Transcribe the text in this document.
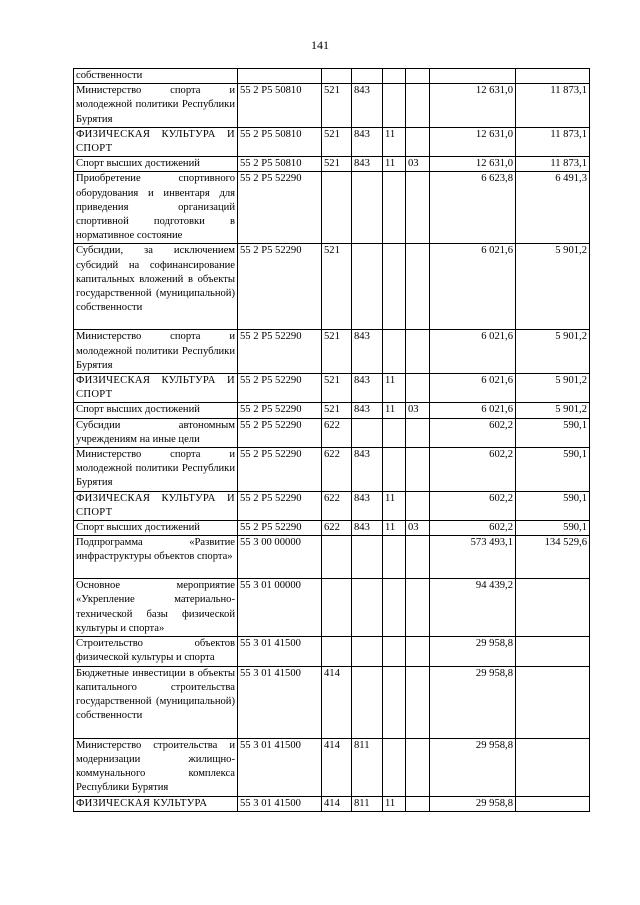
141
собственности							
Министерство спорта и молодежной политики Республики Бурятия	55 2 P5 50810	521	843			12 631,0	11 873,1
ФИЗИЧЕСКАЯ КУЛЬТУРА И СПОРТ	55 2 P5 50810	521	843	11		12 631,0	11 873,1
Спорт высших достижений	55 2 P5 50810	521	843	11	03	12 631,0	11 873,1
Приобретение спортивного оборудования и инвентаря для приведения организаций спортивной подготовки в нормативное состояние	55 2 P5 52290					6 623,8	6 491,3
Субсидии, за исключением субсидий на софинансирование капитальных вложений в объекты государственной (муниципальной) собственности	55 2 P5 52290	521				6 021,6	5 901,2
Министерство спорта и молодежной политики Республики Бурятия	55 2 P5 52290	521	843			6 021,6	5 901,2
ФИЗИЧЕСКАЯ КУЛЬТУРА И СПОРТ	55 2 P5 52290	521	843	11		6 021,6	5 901,2
Спорт высших достижений	55 2 P5 52290	521	843	11	03	6 021,6	5 901,2
Субсидии автономным учреждениям на иные цели	55 2 P5 52290	622				602,2	590,1
Министерство спорта и молодежной политики Республики Бурятия	55 2 P5 52290	622	843			602,2	590,1
ФИЗИЧЕСКАЯ КУЛЬТУРА И СПОРТ	55 2 P5 52290	622	843	11		602,2	590,1
Спорт высших достижений	55 2 P5 52290	622	843	11	03	602,2	590,1
Подпрограмма «Развитие инфраструктуры объектов спорта»	55 3 00 00000					573 493,1	134 529,6
Основное мероприятие «Укрепление материально-технической базы физической культуры и спорта»	55 3 01 00000					94 439,2	
Строительство объектов физической культуры и спорта	55 3 01 41500					29 958,8	
Бюджетные инвестиции в объекты капитального строительства государственной (муниципальной) собственности	55 3 01 41500	414				29 958,8	
Министерство строительства и модернизации жилищно-коммунального комплекса Республики Бурятия	55 3 01 41500	414	811			29 958,8	
ФИЗИЧЕСКАЯ КУЛЬТУРА	55 3 01 41500	414	811	11		29 958,8	
